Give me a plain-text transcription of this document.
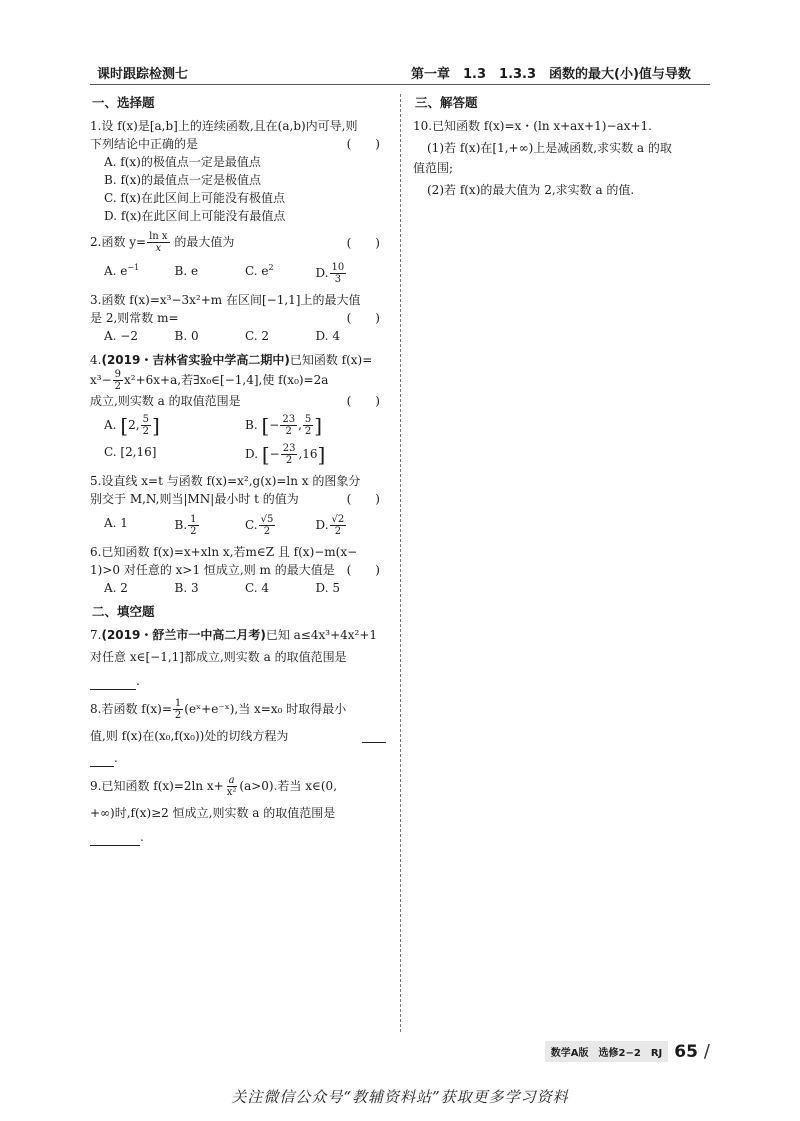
课时跟踪检测七	第一章　1.3　1.3.3　函数的最大(小)值与导数
一、选择题
1.设 f(x)是[a,b]上的连续函数,且在(a,b)内可导,则
下列结论中正确的是	(　　)
A. f(x)的极值点一定是最值点
B. f(x)的最值点一定是极值点
C. f(x)在此区间上可能没有极值点
D. f(x)在此区间上可能没有最值点
2.函数 $y= \frac{\text{ln x}}{x}$ 的最大值为	(　　)
A. $e^{-1}$	B. e	C. $e^2$	D. $\frac{10}{3}$
3.函数 f(x)=x³−3x²+m 在区间[−1,1]上的最大值
是 2,则常数 m=	(　　)
A. −2	B. 0	C. 2	D. 4
4.(2019・吉林省实验中学高二期中)已知函数 f(x)=
$x^3- \frac{9}{2} x^2+6x+a$,若∃x₀∈[−1,4],使 f(x₀)=2a
成立,则实数 a 的取值范围是	(　　)
A. [2, $\frac{5}{2}$ ]	B. [− $\frac{23}{2}$ , $\frac{5}{2}$ ]
C. [2,16]	D. [− $\frac{23}{2} ,16$]
5.设直线 x=t 与函数 f(x)=x²,g(x)=ln x 的图象分
别交于 M,N,则当|MN|最小时 t 的值为	(　　)
A. 1	B. $\frac{1}{2}$	C. $\frac{√5}{2}$	D. $\frac{√2}{2}$
6.已知函数 f(x)=x+xln x,若m∈Z 且 f(x)−m(x−
1)>0 对任意的 x>1 恒成立,则 m 的最大值是 (　　)
A. 2	B. 3	C. 4	D. 5
二、填空题
7.(2019・舒兰市一中高二月考)已知 a≤4x³+4x²+1
对任意 x∈[−1,1]都成立,则实数 a 的取值范围是
.
8.若函数 $f(x)= \frac{1}{2}$ (eˣ+e⁻ˣ),当 x=x₀ 时取得最小
值,则 f(x)在(x₀,f(x₀))处的切线方程为
.
9.已知函数 f(x)=2ln $x+ \frac{a}{\text{x²}} (a>0)$.若当 x∈(0,
+∞)时,f(x)≥2 恒成立,则实数 a 的取值范围是
.
三、解答题
10.已知函数 f(x)=x・(ln x+ax+1)−ax+1.
(1)若 f(x)在[1,+∞)上是减函数,求实数 a 的取
值范围;
(2)若 f(x)的最大值为 2,求实数 a 的值.
数学A版　选修2−2　RJ 65 /
关注微信公众号“教辅资料站”获取更多学习资料
